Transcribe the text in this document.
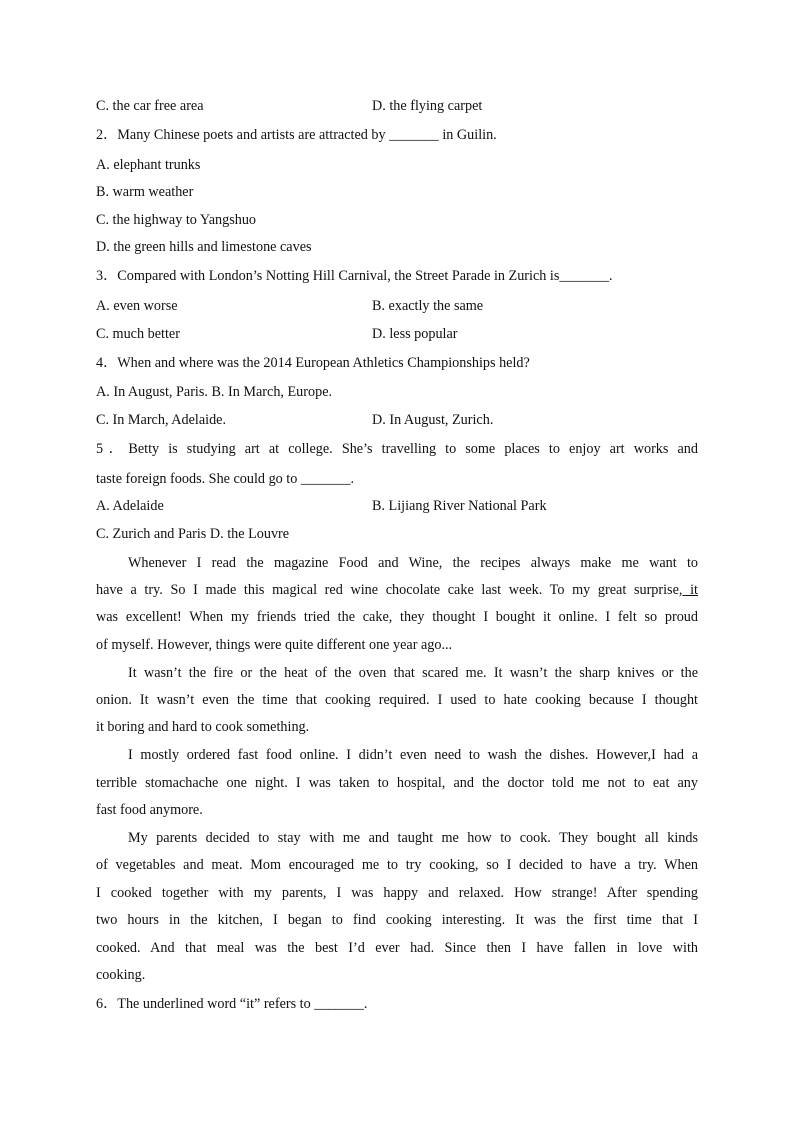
C. the car free area	D. the flying carpet
2．Many Chinese poets and artists are attracted by _______ in Guilin.
A. elephant trunks
B. warm weather
C. the highway to Yangshuo
D. the green hills and limestone caves
3．Compared with London’s Notting Hill Carnival, the Street Parade in Zurich is_______.
A. even worse	B. exactly the same
C. much better	D. less popular
4．When and where was the 2014 European Athletics Championships held?
A. In August, Paris. B. In March, Europe.
C. In March, Adelaide.	D. In August, Zurich.
5．Betty is studying art at college. She’s travelling to some places to enjoy art works and
taste foreign foods. She could go to _______.
A. Adelaide	B. Lijiang River National Park
C. Zurich and Paris D. the Louvre
Whenever I read the magazine Food and Wine, the recipes always make me want to
have a try. So I made this magical red wine chocolate cake last week. To my great surprise, it
was excellent! When my friends tried the cake, they thought I bought it online. I felt so proud
of myself. However, things were quite different one year ago...
It wasn’t the fire or the heat of the oven that scared me. It wasn’t the sharp knives or the
onion. It wasn’t even the time that cooking required. I used to hate cooking because I thought
it boring and hard to cook something.
I mostly ordered fast food online. I didn’t even need to wash the dishes. However,I had a
terrible stomachache one night. I was taken to hospital, and the doctor told me not to eat any
fast food anymore.
My parents decided to stay with me and taught me how to cook. They bought all kinds
of vegetables and meat. Mom encouraged me to try cooking, so I decided to have a try. When
I cooked together with my parents, I was happy and relaxed. How strange! After spending
two hours in the kitchen, I began to find cooking interesting. It was the first time that I
cooked. And that meal was the best I’d ever had. Since then I have fallen in love with
cooking.
6．The underlined word “it” refers to _______.
